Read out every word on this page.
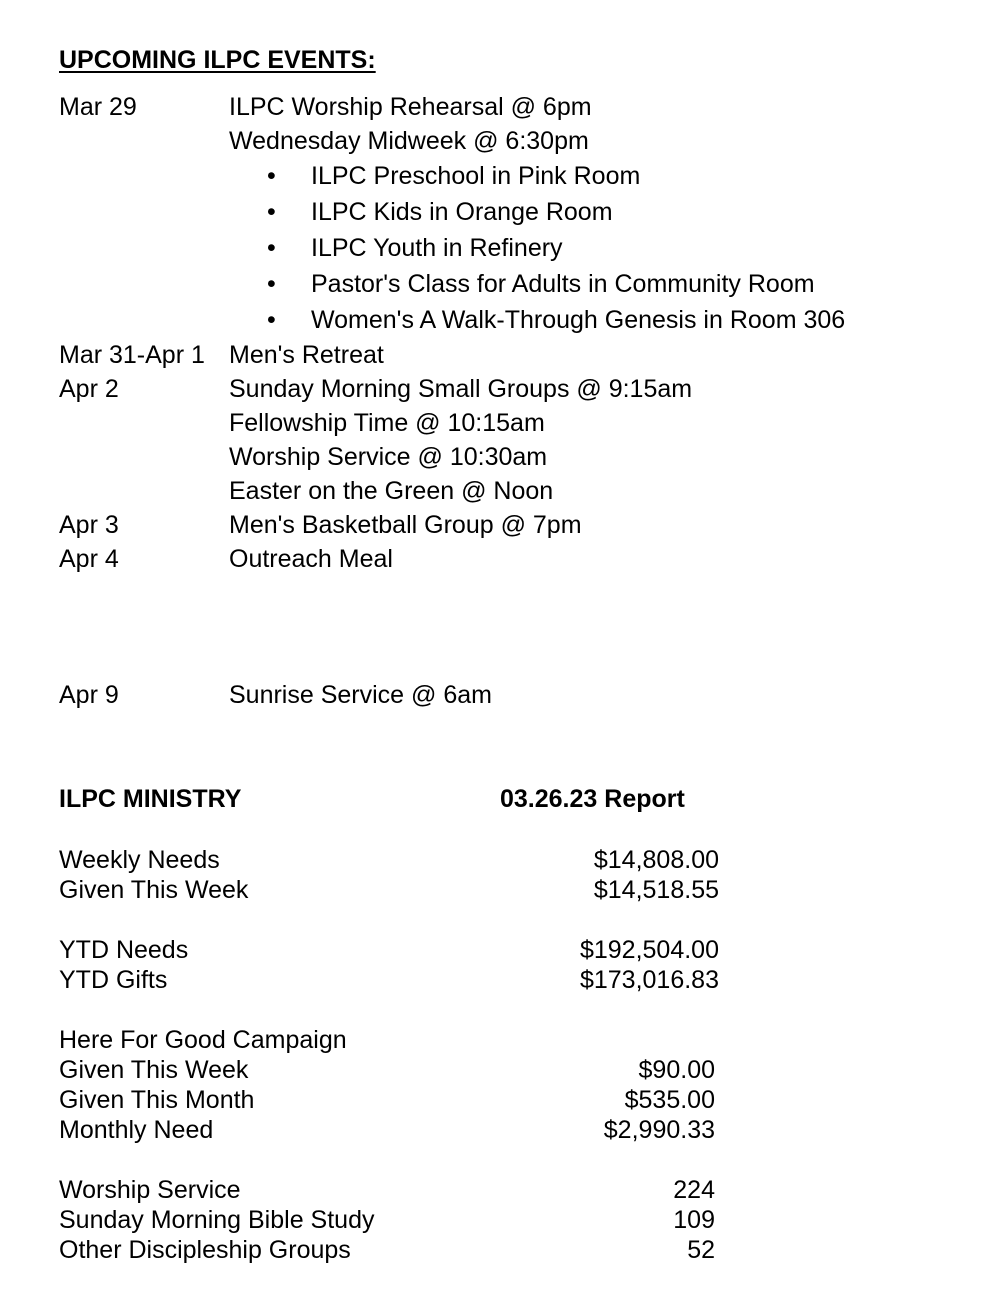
UPCOMING ILPC EVENTS:
Mar 29	ILPC Worship Rehearsal @ 6pm
Wednesday Midweek @ 6:30pm
• ILPC Preschool in Pink Room
• ILPC Kids in Orange Room
• ILPC Youth in Refinery
• Pastor's Class for Adults in Community Room
• Women's A Walk-Through Genesis in Room 306
Mar 31-Apr 1 Men's Retreat
Apr 2	Sunday Morning Small Groups @ 9:15am
Fellowship Time @ 10:15am
Worship Service @ 10:30am
Easter on the Green @ Noon
Apr 3	Men's Basketball Group @ 7pm
Apr 4	Outreach Meal
Apr 9	Sunrise Service @ 6am
ILPC MINISTRY	03.26.23 Report
Weekly Needs	$14,808.00
Given This Week	$14,518.55
YTD Needs	$192,504.00
YTD Gifts	$173,016.83
Here For Good Campaign
Given This Week	$90.00
Given This Month	$535.00
Monthly Need	$2,990.33
Worship Service	224
Sunday Morning Bible Study	109
Other Discipleship Groups	52
